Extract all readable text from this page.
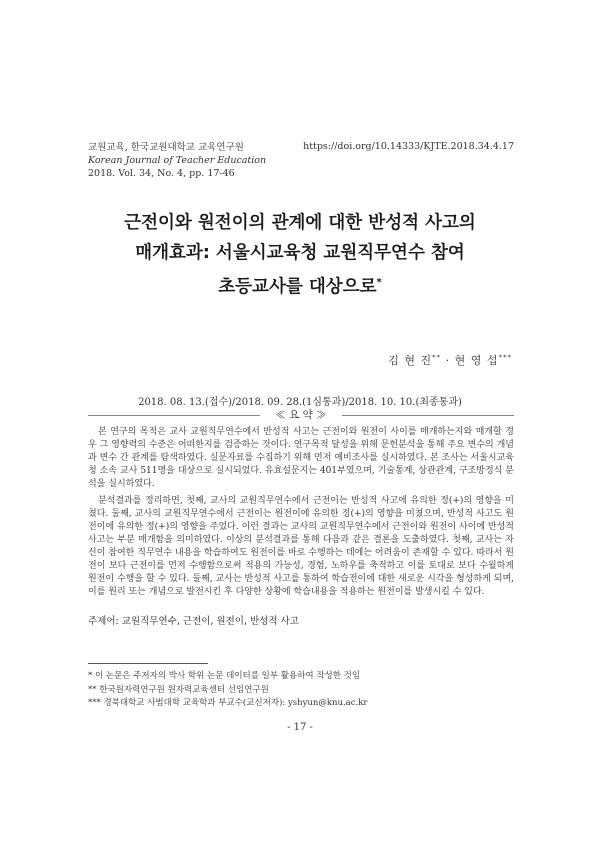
교원교육, 한국교원대학교 교육연구원
Korean Journal of Teacher Education
2018. Vol. 34, No. 4, pp. 17-46
https://doi.org/10.14333/KJTE.2018.34.4.17
근전이와 원전이의 관계에 대한 반성적 사고의
매개효과: 서울시교육청 교원직무연수 참여
초등교사를 대상으로*
김 현 진** · 현 영 섭***
2018. 08. 13.(접수)/2018. 09. 28.(1심통과)/2018. 10. 10.(최종통과)
≪ 요 약 ≫

본 연구의 목적은 교사 교원직무연수에서 반성적 사고는 근전이와 원전이 사이를 매개하는지와 매개할 경우 그 영향력의 수준은 어떠한지를 검증하는 것이다. 연구목적 달성을 위해 문헌분석을 통해 주요 변수의 개념과 변수 간 관계를 탐색하였다. 실문자료를 수집하기 위해 먼저 예비조사를 실시하였다. 본 조사는 서울시교육청 소속 교사 511명을 대상으로 실시되었다. 유효설문지는 401부였으며, 기술통계, 상관관계, 구조방정식 분석을 실시하였다.

분석결과를 정리하면, 첫째, 교사의 교원직무연수에서 근전이는 반성적 사고에 유의한 정(+)의 영향을 미쳤다. 둘째, 교사의 교원직무연수에서 근전이는 원전이에 유의한 정(+)의 영향을 미쳤으며, 반성적 사고도 원전이에 유의한 정(+)의 영향을 주었다. 이런 결과는 교사의 교원직무연수에서 근전이와 원전이 사이에 반성적 사고는 부분 매개함을 의미하였다. 이상의 분석결과를 통해 다음과 같은 결론을 도출하였다. 첫째, 교사는 자신이 참여한 직무연수 내용을 학습하여도 원전이를 바로 수행하는 데에는 어려움이 존재할 수 있다. 따라서 원전이 보다 근전이를 먼저 수행함으로써 적용의 가능성, 경험, 노하우를 축적하고 이를 토대로 보다 수월하게 원전이 수행을 할 수 있다. 둘째, 교사는 반성적 사고를 통하여 학습전이에 대한 새로운 시각을 형성하게 되며, 이를 원리 또는 개념으로 발전시킨 후 다양한 상황에 학습내용을 적용하는 원전이를 발생시킬 수 있다.

주제어: 교원직무연수, 근전이, 원전이, 반성적 사고
* 이 논문은 주저자의 박사 학위 논문 데이터를 일부 활용하여 작성한 것임
** 한국원자력연구원 원자력교육센터 선임연구원
*** 경북대학교 사범대학 교육학과 부교수(교신저자): yshyun@knu.ac.kr
- 17 -
